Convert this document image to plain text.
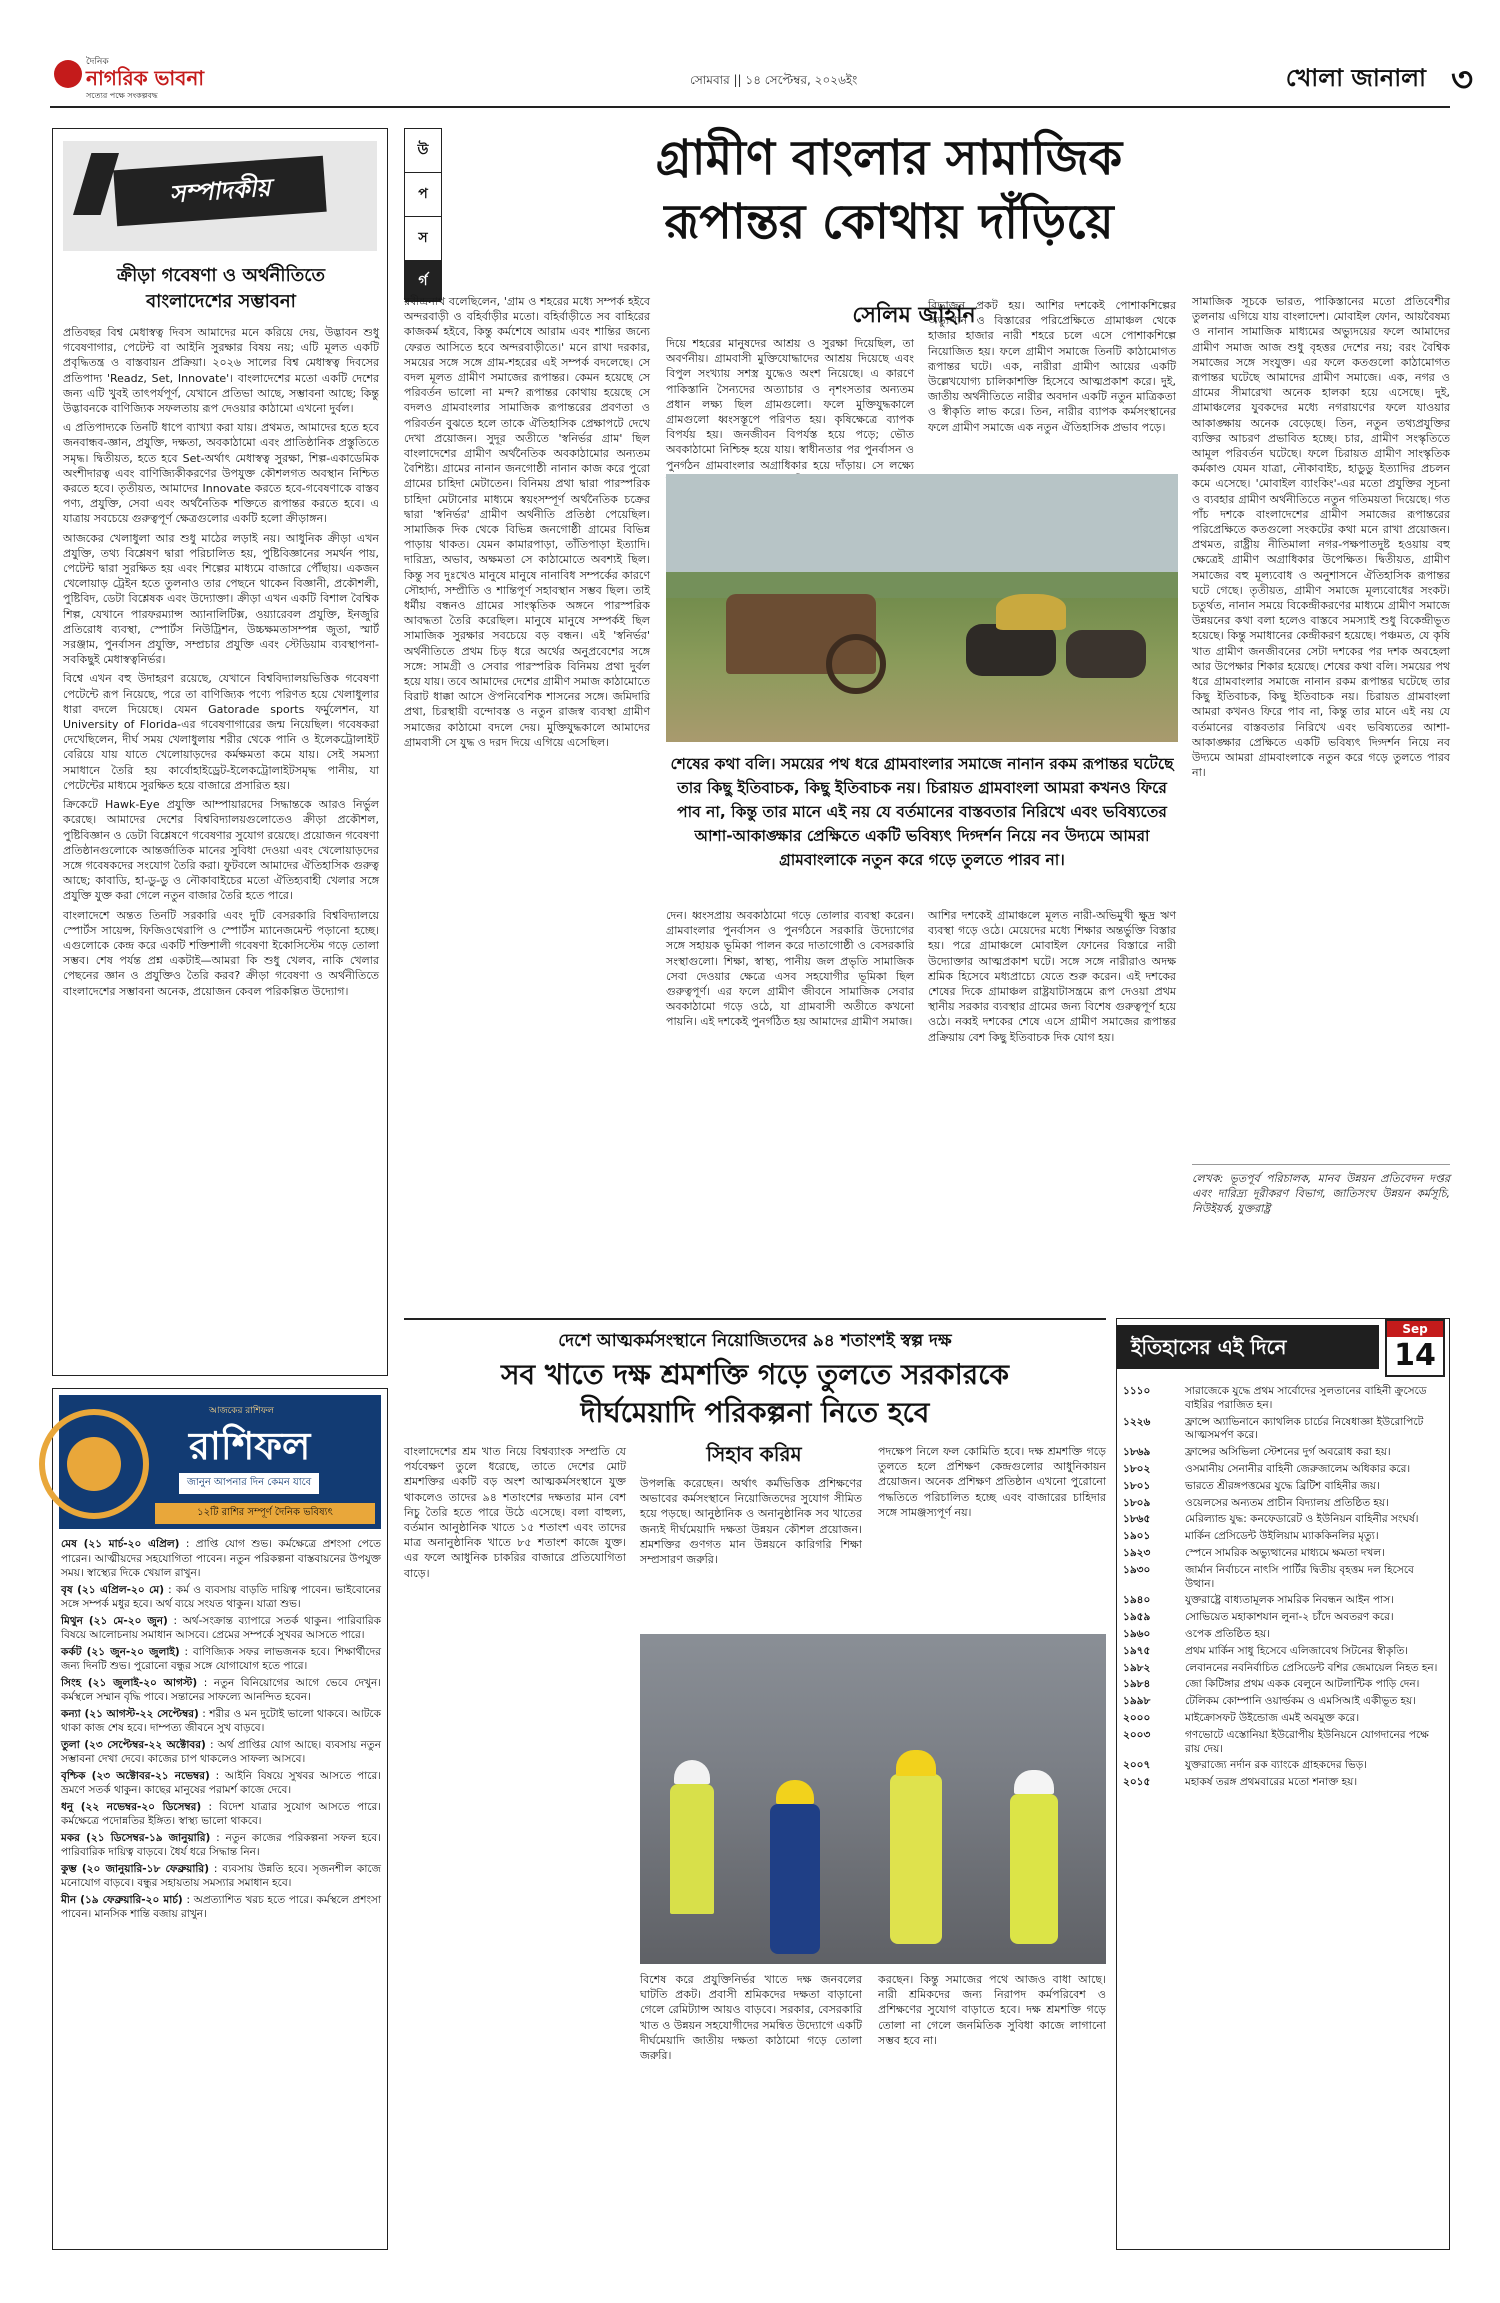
দৈনিক
নাগরিক ভাবনা
সত্যের পক্ষে সংকল্পবদ্ধ
সোমবার || ১৪ সেপ্টেম্বর, ২০২৬ইং	খোলা জানালা ৩
সম্পাদকীয়
ক্রীড়া গবেষণা ও অর্থনীতিতে
বাংলাদেশের সম্ভাবনা

প্রতিবছর বিশ্ব মেধাস্বত্ব দিবস আমাদের মনে করিয়ে দেয়, উদ্ভাবন শুধু গবেষণাগার, পেটেন্ট বা আইনি সুরক্ষার বিষয় নয়; এটি মূলত একটি প্রবৃদ্ধিতন্ত্র ও বাস্তবায়ন প্রক্রিয়া। ২০২৬ সালের বিশ্ব মেধাস্বত্ব দিবসের প্রতিপাদ্য 'Readz, Set, Innovate'। বাংলাদেশের মতো একটি দেশের জন্য এটি খুবই তাৎপর্যপূর্ণ, যেখানে প্রতিভা আছে, সম্ভাবনা আছে; কিন্তু উদ্ভাবনকে বাণিজ্যিক সফলতায় রূপ দেওয়ার কাঠামো এখনো দুর্বল।

এ প্রতিপাদ্যকে তিনটি ধাপে ব্যাখ্যা করা যায়। প্রথমত, আমাদের হতে হবে জনবান্ধব-জ্ঞান, প্রযুক্তি, দক্ষতা, অবকাঠামো এবং প্রাতিষ্ঠানিক প্রস্তুতিতে সমৃদ্ধ। দ্বিতীয়ত, হতে হবে Set-অর্থাৎ মেধাস্বত্ব সুরক্ষা, শিল্প-একাডেমিক অংশীদারত্ব এবং বাণিজ্যিকীকরণের উপযুক্ত কৌশলগত অবস্থান নিশ্চিত করতে হবে। তৃতীয়ত, আমাদের Innovate করতে হবে-গবেষণাকে বাস্তব পণ্য, প্রযুক্তি, সেবা এবং অর্থনৈতিক শক্তিতে রূপান্তর করতে হবে। এ যাত্রায় সবচেয়ে গুরুত্বপূর্ণ ক্ষেত্রগুলোর একটি হলো ক্রীড়াঙ্গন।

আজকের খেলাধুলা আর শুধু মাঠের লড়াই নয়। আধুনিক ক্রীড়া এখন প্রযুক্তি, তথ্য বিশ্লেষণ দ্বারা পরিচালিত হয়, পুষ্টিবিজ্ঞানের সমর্থন পায়, পেটেন্ট দ্বারা সুরক্ষিত হয় এবং শিল্পের মাধ্যমে বাজারে পৌঁছায়। একজন খেলোয়াড় ট্রেইন হতে তুলনাও তার পেছনে থাকেন বিজ্ঞানী, প্রকৌশলী, পুষ্টিবিদ, ডেটা বিশ্লেষক এবং উদ্যোক্তা। ক্রীড়া এখন একটি বিশাল বৈশ্বিক শিল্প, যেখানে পারফরম্যান্স অ্যানালিটিক্স, ওয়্যারেবল প্রযুক্তি, ইনজুরি প্রতিরোধ ব্যবস্থা, স্পোর্টস নিউট্রিশন, উচ্চক্ষমতাসম্পন্ন জুতা, স্মার্ট সরঞ্জাম, পুনর্বাসন প্রযুক্তি, সম্প্রচার প্রযুক্তি এবং স্টেডিয়াম ব্যবস্থাপনা-সবকিছুই মেধাস্বত্বনির্ভর।

বিশ্বে এখন বহু উদাহরণ রয়েছে, যেখানে বিশ্ববিদ্যালয়ভিত্তিক গবেষণা পেটেন্টে রূপ নিয়েছে, পরে তা বাণিজ্যিক পণ্যে পরিণত হয়ে খেলাধুলার ধারা বদলে দিয়েছে। যেমন Gatorade sports ফর্মুলেশন, যা University of Florida-এর গবেষণাগারের জন্ম নিয়েছিল। গবেষকরা দেখেছিলেন, দীর্ঘ সময় খেলাধুলায় শরীর থেকে পানি ও ইলেকট্রোলাইট বেরিয়ে যায় যাতে খেলোয়াড়দের কর্মক্ষমতা কমে যায়। সেই সমস্যা সমাধানে তৈরি হয় কার্বোহাইড্রেট-ইলেকট্রোলাইটসমৃদ্ধ পানীয়, যা পেটেন্টের মাধ্যমে সুরক্ষিত হয়ে বাজারে প্রসারিত হয়।

ক্রিকেটে Hawk-Eye প্রযুক্তি আম্পায়ারদের সিদ্ধান্তকে আরও নির্ভুল করেছে। আমাদের দেশের বিশ্ববিদ্যালয়গুলোতেও ক্রীড়া প্রকৌশল, পুষ্টিবিজ্ঞান ও ডেটা বিশ্লেষণে গবেষণার সুযোগ রয়েছে। প্রয়োজন গবেষণা প্রতিষ্ঠানগুলোকে আন্তর্জাতিক মানের সুবিধা দেওয়া এবং খেলোয়াড়দের সঙ্গে গবেষকদের সংযোগ তৈরি করা। ফুটবলে আমাদের ঐতিহাসিক গুরুত্ব আছে; কাবাডি, হা-ডু-ডু ও নৌকাবাইচের মতো ঐতিহ্যবাহী খেলার সঙ্গে প্রযুক্তি যুক্ত করা গেলে নতুন বাজার তৈরি হতে পারে।

বাংলাদেশে অন্তত তিনটি সরকারি এবং দুটি বেসরকারি বিশ্ববিদ্যালয়ে স্পোর্টস সায়েন্স, ফিজিওথেরাপি ও স্পোর্টস ম্যানেজমেন্ট পড়ানো হচ্ছে। এগুলোকে কেন্দ্র করে একটি শক্তিশালী গবেষণা ইকোসিস্টেম গড়ে তোলা সম্ভব। শেষ পর্যন্ত প্রশ্ন একটাই—আমরা কি শুধু খেলব, নাকি খেলার পেছনের জ্ঞান ও প্রযুক্তিও তৈরি করব? ক্রীড়া গবেষণা ও অর্থনীতিতে বাংলাদেশের সম্ভাবনা অনেক, প্রয়োজন কেবল পরিকল্পিত উদ্যোগ।

আজকের রাশিফল
রাশিফল
জানুন আপনার দিন কেমন যাবে
১২টি রাশির সম্পূর্ণ দৈনিক ভবিষ্যৎ

মেষ (২১ মার্চ-২০ এপ্রিল) : প্রাপ্তি যোগ শুভ। কর্মক্ষেত্রে প্রশংসা পেতে পারেন। আত্মীয়দের সহযোগিতা পাবেন। নতুন পরিকল্পনা বাস্তবায়নের উপযুক্ত সময়। স্বাস্থ্যের দিকে খেয়াল রাখুন।

বৃষ (২১ এপ্রিল-২০ মে) : কর্ম ও ব্যবসায় বাড়তি দায়িত্ব পাবেন। ভাইবোনের সঙ্গে সম্পর্ক মধুর হবে। অর্থ ব্যয়ে সংযত থাকুন। যাত্রা শুভ।

মিথুন (২১ মে-২০ জুন) : অর্থ-সংক্রান্ত ব্যাপারে সতর্ক থাকুন। পারিবারিক বিষয়ে আলোচনায় সমাধান আসবে। প্রেমের সম্পর্কে সুখবর আসতে পারে।

কর্কট (২১ জুন-২০ জুলাই) : বাণিজ্যিক সফর লাভজনক হবে। শিক্ষার্থীদের জন্য দিনটি শুভ। পুরোনো বন্ধুর সঙ্গে যোগাযোগ হতে পারে।

সিংহ (২১ জুলাই-২০ আগস্ট) : নতুন বিনিয়োগের আগে ভেবে দেখুন। কর্মস্থলে সম্মান বৃদ্ধি পাবে। সন্তানের সাফল্যে আনন্দিত হবেন।

কন্যা (২১ আগস্ট-২২ সেপ্টেম্বর) : শরীর ও মন দুটোই ভালো থাকবে। আটকে থাকা কাজ শেষ হবে। দাম্পত্য জীবনে সুখ বাড়বে।

তুলা (২৩ সেপ্টেম্বর-২২ অক্টোবর) : অর্থ প্রাপ্তির যোগ আছে। ব্যবসায় নতুন সম্ভাবনা দেখা দেবে। কাজের চাপ থাকলেও সাফল্য আসবে।

বৃশ্চিক (২৩ অক্টোবর-২১ নভেম্বর) : আইনি বিষয়ে সুখবর আসতে পারে। ভ্রমণে সতর্ক থাকুন। কাছের মানুষের পরামর্শ কাজে দেবে।

ধনু (২২ নভেম্বর-২০ ডিসেম্বর) : বিদেশ যাত্রার সুযোগ আসতে পারে। কর্মক্ষেত্রে পদোন্নতির ইঙ্গিত। স্বাস্থ্য ভালো থাকবে।

মকর (২১ ডিসেম্বর-১৯ জানুয়ারি) : নতুন কাজের পরিকল্পনা সফল হবে। পারিবারিক দায়িত্ব বাড়বে। ধৈর্য ধরে সিদ্ধান্ত নিন।

কুম্ভ (২০ জানুয়ারি-১৮ ফেব্রুয়ারি) : ব্যবসায় উন্নতি হবে। সৃজনশীল কাজে মনোযোগ বাড়বে। বন্ধুর সহায়তায় সমস্যার সমাধান হবে।

মীন (১৯ ফেব্রুয়ারি-২০ মার্চ) : অপ্রত্যাশিত খরচ হতে পারে। কর্মস্থলে প্রশংসা পাবেন। মানসিক শান্তি বজায় রাখুন।

উ
প
স
র্গ
গ্রামীণ বাংলার সামাজিক
রূপান্তর কোথায় দাঁড়িয়ে

রবীন্দ্রনাথ বলেছিলেন, 'গ্রাম ও শহরের মধ্যে সম্পর্ক হইবে অন্দরবাড়ী ও বহির্বাড়ীর মতো। বহির্বাড়ীতে সব বাহিরের কাজকর্ম হইবে, কিন্তু কর্মশেষে আরাম এবং শান্তির জন্যে ফেরত আসিতে হবে অন্দরবাড়ীতে।' মনে রাখা দরকার, সময়ের সঙ্গে সঙ্গে গ্রাম-শহরের এই সম্পর্ক বদলেছে। সে বদল মূলত গ্রামীণ সমাজের রূপান্তর। কেমন হয়েছে সে পরিবর্তন ভালো না মন্দ? রূপান্তর কোথায় হয়েছে সে বদলও গ্রামবাংলার সামাজিক রূপান্তরের প্রবণতা ও পরিবর্তন বুঝতে হলে তাকে ঐতিহাসিক প্রেক্ষাপটে দেখে দেখা প্রয়োজন। সুদূর অতীতে 'স্বনির্ভর গ্রাম' ছিল বাংলাদেশের গ্রামীণ অর্থনৈতিক অবকাঠামোর অন্যতম বৈশিষ্ট্য। গ্রামের নানান জনগোষ্ঠী নানান কাজ করে পুরো গ্রামের চাহিদা মেটাতেন। বিনিময় প্রথা দ্বারা পারস্পরিক চাহিদা মেটানোর মাধ্যমে স্বয়ংসম্পূর্ণ অর্থনৈতিক চক্রের দ্বারা 'স্বনির্ভর' গ্রামীণ অর্থনীতি প্রতিষ্ঠা পেয়েছিল। সামাজিক দিক থেকে বিভিন্ন জনগোষ্ঠী গ্রামের বিভিন্ন পাড়ায় থাকত। যেমন কামারপাড়া, তাঁতিপাড়া ইত্যাদি। দারিদ্র্য, অভাব, অক্ষমতা সে কাঠামোতে অবশ্যই ছিল। কিন্তু সব দুঃখেও মানুষে মানুষে নানাবিধ সম্পর্কের কারণে সৌহার্দ্য, সম্প্রীতি ও শান্তিপূর্ণ সহাবস্থান সম্ভব ছিল। তাই ধর্মীয় বন্ধনও গ্রামের সাংস্কৃতিক অঙ্গনে পারস্পরিক আবদ্ধতা তৈরি করেছিল। মানুষে মানুষে সম্পর্কই ছিল সামাজিক সুরক্ষার সবচেয়ে বড় বন্ধন। এই 'স্বনির্ভর' অর্থনীতিতে প্রথম চিড় ধরে অর্থের অনুপ্রবেশের সঙ্গে সঙ্গে: সামগ্রী ও সেবার পারস্পরিক বিনিময় প্রথা দুর্বল হয়ে যায়। তবে আমাদের দেশের গ্রামীণ সমাজ কাঠামোতে বিরাট ধাক্কা আসে ঔপনিবেশিক শাসনের সঙ্গে। জমিদারি প্রথা, চিরস্থায়ী বন্দোবস্ত ও নতুন রাজস্ব ব্যবস্থা গ্রামীণ সমাজের কাঠামো বদলে দেয়। মুক্তিযুদ্ধকালে আমাদের গ্রামবাসী সে যুদ্ধ ও দরদ দিয়ে এগিয়ে এসেছিল।

সেলিম জাহান

দিয়ে শহরের মানুষদের আশ্রয় ও সুরক্ষা দিয়েছিল, তা অবর্ণনীয়। গ্রামবাসী মুক্তিযোদ্ধাদের আশ্রয় দিয়েছে এবং বিপুল সংখ্যায় সশস্ত্র যুদ্ধেও অংশ নিয়েছে। এ কারণে পাকিস্তানি সৈন্যদের অত্যাচার ও নৃশংসতার অন্যতম প্রধান লক্ষ্য ছিল গ্রামগুলো। ফলে মুক্তিযুদ্ধকালে গ্রামগুলো ধ্বংসস্তূপে পরিণত হয়। কৃষিক্ষেত্রে ব্যাপক বিপর্যয় হয়। জনজীবন বিপর্যস্ত হয়ে পড়ে; ভৌত অবকাঠামো নিশ্চিহ্ন হয়ে যায়। স্বাধীনতার পর পুনর্বাসন ও পুনর্গঠন গ্রামবাংলার অগ্রাধিকার হয়ে দাঁড়ায়। সে লক্ষ্যে

বিভাজন প্রকট হয়। আশির দশকেই পোশাকশিল্পের অভ্যুত্থান ও বিস্তারের পরিপ্রেক্ষিতে গ্রামাঞ্চল থেকে হাজার হাজার নারী শহরে চলে এসে পোশাকশিল্পে নিয়োজিত হয়। ফলে গ্রামীণ সমাজে তিনটি কাঠামোগত রূপান্তর ঘটে। এক, নারীরা গ্রামীণ আয়ের একটি উল্লেখযোগ্য চালিকাশক্তি হিসেবে আত্মপ্রকাশ করে। দুই, জাতীয় অর্থনীতিতে নারীর অবদান একটি নতুন মাত্রিকতা ও স্বীকৃতি লাভ করে। তিন, নারীর ব্যাপক কর্মসংস্থানের ফলে গ্রামীণ সমাজে এক নতুন ঐতিহাসিক প্রভাব পড়ে।

শেষের কথা বলি। সময়ের পথ ধরে গ্রামবাংলার সমাজে নানান রকম রূপান্তর ঘটেছে তার কিছু ইতিবাচক, কিছু ইতিবাচক নয়। চিরায়ত গ্রামবাংলা আমরা কখনও ফিরে পাব না, কিন্তু তার মানে এই নয় যে বর্তমানের বাস্তবতার নিরিখে এবং ভবিষ্যতের আশা-আকাঙ্ক্ষার প্রেক্ষিতে একটি ভবিষ্যৎ দিগ্দর্শন নিয়ে নব উদ্যমে আমরা গ্রামবাংলাকে নতুন করে গড়ে তুলতে পারব না।

দেন। ধ্বংসপ্রায় অবকাঠামো গড়ে তোলার ব্যবস্থা করেন। গ্রামবাংলার পুনর্বাসন ও পুনর্গঠনে সরকারি উদ্যোগের সঙ্গে সহায়ক ভূমিকা পালন করে দাতাগোষ্ঠী ও বেসরকারি সংস্থাগুলো। শিক্ষা, স্বাস্থ্য, পানীয় জল প্রভৃতি সামাজিক সেবা দেওয়ার ক্ষেত্রে এসব সহযোগীর ভূমিকা ছিল গুরুত্বপূর্ণ। এর ফলে গ্রামীণ জীবনে সামাজিক সেবার অবকাঠামো গড়ে ওঠে, যা গ্রামবাসী অতীতে কখনো পায়নি। এই দশকেই পুনর্গঠিত হয় আমাদের গ্রামীণ সমাজ।

আশির দশকেই গ্রামাঞ্চলে মূলত নারী-অভিমুখী ক্ষুদ্র ঋণ ব্যবস্থা গড়ে ওঠে। মেয়েদের মধ্যে শিক্ষার অন্তর্ভুক্তি বিস্তার হয়। পরে গ্রামাঞ্চলে মোবাইল ফোনের বিস্তারে নারী উদ্যোক্তার আত্মপ্রকাশ ঘটে। সঙ্গে সঙ্গে নারীরাও অদক্ষ শ্রমিক হিসেবে মধ্যপ্রাচ্যে যেতে শুরু করেন। এই দশকের শেষের দিকে গ্রামাঞ্চল রাষ্ট্রযাটাসন্ত্রমে রূপ দেওয়া প্রথম স্থানীয় সরকার ব্যবস্থার গ্রামের জন্য বিশেষ গুরুত্বপূর্ণ হয়ে ওঠে। নব্বই দশকের শেষে এসে গ্রামীণ সমাজের রূপান্তর প্রক্রিয়ায় বেশ কিছু ইতিবাচক দিক যোগ হয়।

সামাজিক সূচকে ভারত, পাকিস্তানের মতো প্রতিবেশীর তুলনায় এগিয়ে যায় বাংলাদেশ। মোবাইল ফোন, আয়বৈষম্য ও নানান সামাজিক মাধ্যমের অভ্যুদয়ের ফলে আমাদের গ্রামীণ সমাজ আজ শুধু বৃহত্তর দেশের নয়; বরং বৈশ্বিক সমাজের সঙ্গে সংযুক্ত। এর ফলে কতগুলো কাঠামোগত রূপান্তর ঘটেছে আমাদের গ্রামীণ সমাজে। এক, নগর ও গ্রামের সীমারেখা অনেক হালকা হয়ে এসেছে। দুই, গ্রামাঞ্চলের যুবকদের মধ্যে নগরায়ণের ফলে যাওয়ার আকাঙ্ক্ষায় অনেক বেড়েছে। তিন, নতুন তথ্যপ্রযুক্তির ব্যক্তির আচরণ প্রভাবিত হচ্ছে। চার, গ্রামীণ সংস্কৃতিতে আমূল পরিবর্তন ঘটেছে। ফলে চিরায়ত গ্রামীণ সাংস্কৃতিক কর্মকাণ্ড যেমন যাত্রা, নৌকাবাইচ, হাডুডু ইত্যাদির প্রচলন কমে এসেছে। 'মোবাইল ব্যাংকিং'-এর মতো প্রযুক্তির সূচনা ও ব্যবহার গ্রামীণ অর্থনীতিতে নতুন গতিময়তা দিয়েছে। গত পাঁচ দশকে বাংলাদেশের গ্রামীণ সমাজের রূপান্তরের পরিপ্রেক্ষিতে কতগুলো সংকটের কথা মনে রাখা প্রয়োজন। প্রথমত, রাষ্ট্রীয় নীতিমালা নগর-পক্ষপাতদুষ্ট হওয়ায় বহু ক্ষেত্রেই গ্রামীণ অগ্রাধিকার উপেক্ষিত। দ্বিতীয়ত, গ্রামীণ সমাজের বহু মূল্যবোধ ও অনুশাসনে ঐতিহাসিক রূপান্তর ঘটে গেছে। তৃতীয়ত, গ্রামীণ সমাজে মূল্যবোধের সংকট। চতুর্থত, নানান সময়ে বিকেন্দ্রীকরণের মাধ্যমে গ্রামীণ সমাজে উন্নয়নের কথা বলা হলেও বাস্তবে সমস্যাই শুধু বিকেন্দ্রীভূত হয়েছে। কিন্তু সমাধানের কেন্দ্রীকরণ হয়েছে। পঞ্চমত, যে কৃষি খাত গ্রামীণ জনজীবনের সেটা দশকের পর দশক অবহেলা আর উপেক্ষার শিকার হয়েছে। শেষের কথা বলি। সময়ের পথ ধরে গ্রামবাংলার সমাজে নানান রকম রূপান্তর ঘটেছে তার কিছু ইতিবাচক, কিছু ইতিবাচক নয়। চিরায়ত গ্রামবাংলা আমরা কখনও ফিরে পাব না, কিন্তু তার মানে এই নয় যে বর্তমানের বাস্তবতার নিরিখে এবং ভবিষ্যতের আশা-আকাঙ্ক্ষার প্রেক্ষিতে একটি ভবিষ্যৎ দিগ্দর্শন নিয়ে নব উদ্যমে আমরা গ্রামবাংলাকে নতুন করে গড়ে তুলতে পারব না।

লেখক: ভূতপূর্ব পরিচালক, মানব উন্নয়ন প্রতিবেদন দপ্তর এবং দারিদ্র্য দূরীকরণ বিভাগ, জাতিসংঘ উন্নয়ন কর্মসূচি, নিউইয়র্ক, যুক্তরাষ্ট্র

দেশে আত্মকর্মসংস্থানে নিয়োজিতদের ৯৪ শতাংশই স্বল্প দক্ষ
সব খাতে দক্ষ শ্রমশক্তি গড়ে তুলতে সরকারকে
দীর্ঘমেয়াদি পরিকল্পনা নিতে হবে

বাংলাদেশের শ্রম খাত নিয়ে বিশ্বব্যাংক সম্প্রতি যে পর্যবেক্ষণ তুলে ধরেছে, তাতে দেশের মোট শ্রমশক্তির একটি বড় অংশ আত্মকর্মসংস্থানে যুক্ত থাকলেও তাদের ৯৪ শতাংশের দক্ষতার মান বেশ নিচু তৈরি হতে পারে উঠে এসেছে। বলা বাহুল্য, বর্তমান আনুষ্ঠানিক খাতে ১৫ শতাংশ এবং তাদের মাত্র অনানুষ্ঠানিক খাতে ৮৫ শতাংশ কাজে যুক্ত। এর ফলে আধুনিক চাকরির বাজারে প্রতিযোগিতা বাড়ে।

সিহাব করিম

উপলব্ধি করেছেন। অর্থাৎ কর্মভিত্তিক প্রশিক্ষণের অভাবের কর্মসংস্থানে নিয়োজিতদের সুযোগ সীমিত হয়ে পড়ছে। আনুষ্ঠানিক ও অনানুষ্ঠানিক সব খাতের জন্যই দীর্ঘমেয়াদি দক্ষতা উন্নয়ন কৌশল প্রয়োজন। শ্রমশক্তির গুণগত মান উন্নয়নে কারিগরি শিক্ষা সম্প্রসারণ জরুরি।

পদক্ষেপ নিলে ফল কোমিতি হবে। দক্ষ শ্রমশক্তি গড়ে তুলতে হলে প্রশিক্ষণ কেন্দ্রগুলোর আধুনিকায়ন প্রয়োজন। অনেক প্রশিক্ষণ প্রতিষ্ঠান এখনো পুরোনো পদ্ধতিতে পরিচালিত হচ্ছে এবং বাজারের চাহিদার সঙ্গে সামঞ্জস্যপূর্ণ নয়।

বিশেষ করে প্রযুক্তিনির্ভর খাতে দক্ষ জনবলের ঘাটতি প্রকট। প্রবাসী শ্রমিকদের দক্ষতা বাড়ানো গেলে রেমিট্যান্স আয়ও বাড়বে। সরকার, বেসরকারি খাত ও উন্নয়ন সহযোগীদের সমন্বিত উদ্যোগে একটি দীর্ঘমেয়াদি জাতীয় দক্ষতা কাঠামো গড়ে তোলা জরুরি।

করছেন। কিন্তু সমাজের পথে আজও বাধা আছে। নারী শ্রমিকদের জন্য নিরাপদ কর্মপরিবেশ ও প্রশিক্ষণের সুযোগ বাড়াতে হবে। দক্ষ শ্রমশক্তি গড়ে তোলা না গেলে জনমিতিক সুবিধা কাজে লাগানো সম্ভব হবে না।

ইতিহাসের এই দিনে
Sep
14
১১১০	সারাজেকে যুদ্ধে প্রথম সার্বোদের সুলতানের বাহিনী ক্রুসেডে বাইরির পরাজিত হন।
১২২৬	ফ্রান্সে অ্যাভিনানে ক্যাথলিক চার্চের নিষেধাজ্ঞা ইউরোপিটে আত্মসমর্পণ করে।
১৮৬৯	ফ্রান্সের অসিভিলা স্টেশনের দুর্গ অবরোধ করা হয়।
১৮০২	ওসমানীয় সেনানীর বাহিনী জেরুজালেম অধিকার করে।
১৮০১	ভারতে শ্রীরঙ্গপত্তমের যুদ্ধে ব্রিটিশ বাহিনীর জয়।
১৮০৯	ওয়েলসের অন্যতম প্রাচীন বিদ্যালয় প্রতিষ্ঠিত হয়।
১৮৬৫	মেরিল্যান্ড যুদ্ধ: কনফেডারেট ও ইউনিয়ন বাহিনীর সংঘর্ষ।
১৯০১	মার্কিন প্রেসিডেন্ট উইলিয়াম ম্যাককিনলির মৃত্যু।
১৯২৩	স্পেনে সামরিক অভ্যুত্থানের মাধ্যমে ক্ষমতা দখল।
১৯৩০	জার্মান নির্বাচনে নাৎসি পার্টির দ্বিতীয় বৃহত্তম দল হিসেবে উত্থান।
১৯৪০	যুক্তরাষ্ট্রে বাধ্যতামূলক সামরিক নিবন্ধন আইন পাস।
১৯৫৯	সোভিয়েত মহাকাশযান লুনা-২ চাঁদে অবতরণ করে।
১৯৬০	ওপেক প্রতিষ্ঠিত হয়।
১৯৭৫	প্রথম মার্কিন সাধু হিসেবে এলিজাবেথ সিটনের স্বীকৃতি।
১৯৮২	লেবাননের নবনির্বাচিত প্রেসিডেন্ট বশির জেমায়েল নিহত হন।
১৯৮৪	জো কিটিঙ্গার প্রথম একক বেলুনে আটলান্টিক পাড়ি দেন।
১৯৯৮	টেলিকম কোম্পানি ওয়ার্ল্ডকম ও এমসিআই একীভূত হয়।
২০০০	মাইক্রোসফট উইন্ডোজ এমই অবমুক্ত করে।
২০০৩	গণভোটে এস্তোনিয়া ইউরোপীয় ইউনিয়নে যোগদানের পক্ষে রায় দেয়।
২০০৭	যুক্তরাজ্যে নর্দান রক ব্যাংকে গ্রাহকদের ভিড়।
২০১৫	মহাকর্ষ তরঙ্গ প্রথমবারের মতো শনাক্ত হয়।
